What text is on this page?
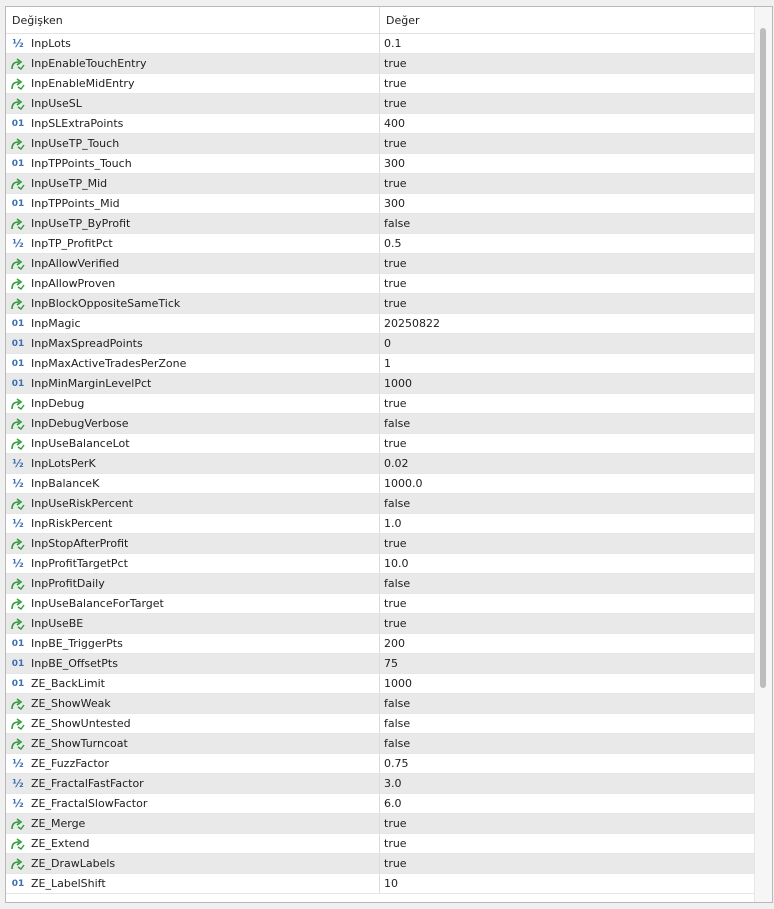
Değişken	Değer
½ InpLots	0.1
InpEnableTouchEntry	true
InpEnableMidEntry	true
InpUseSL	true
01 InpSLExtraPoints	400
InpUseTP_Touch	true
01 InpTPPoints_Touch	300
InpUseTP_Mid	true
01 InpTPPoints_Mid	300
InpUseTP_ByProfit	false
½ InpTP_ProfitPct	0.5
InpAllowVerified	true
InpAllowProven	true
InpBlockOppositeSameTick	true
01 InpMagic	20250822
01 InpMaxSpreadPoints	0
01 InpMaxActiveTradesPerZone	1
01 InpMinMarginLevelPct	1000
InpDebug	true
InpDebugVerbose	false
InpUseBalanceLot	true
½ InpLotsPerK	0.02
½ InpBalanceK	1000.0
InpUseRiskPercent	false
½ InpRiskPercent	1.0
InpStopAfterProfit	true
½ InpProfitTargetPct	10.0
InpProfitDaily	false
InpUseBalanceForTarget	true
InpUseBE	true
01 InpBE_TriggerPts	200
01 InpBE_OffsetPts	75
01 ZE_BackLimit	1000
ZE_ShowWeak	false
ZE_ShowUntested	false
ZE_ShowTurncoat	false
½ ZE_FuzzFactor	0.75
½ ZE_FractalFastFactor	3.0
½ ZE_FractalSlowFactor	6.0
ZE_Merge	true
ZE_Extend	true
ZE_DrawLabels	true
01 ZE_LabelShift	10
